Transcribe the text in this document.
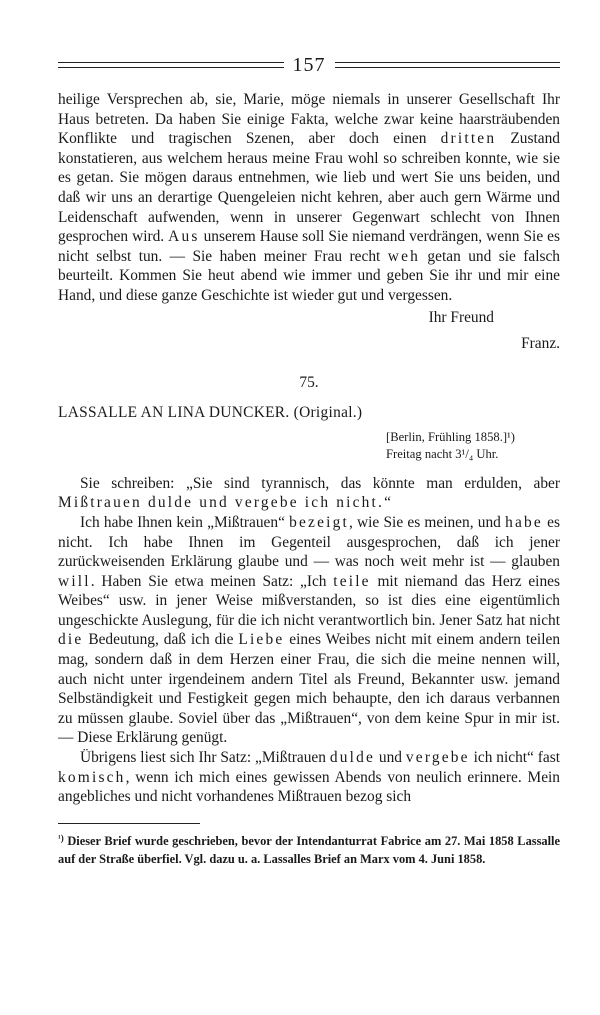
157

heilige Versprechen ab, sie, Marie, möge niemals in unserer Gesellschaft Ihr Haus betreten. Da haben Sie einige Fakta, welche zwar keine haarsträubenden Konflikte und tragischen Szenen, aber doch einen dritten Zustand konstatieren, aus welchem heraus meine Frau wohl so schreiben konnte, wie sie es getan. Sie mögen daraus entnehmen, wie lieb und wert Sie uns beiden, und daß wir uns an derartige Quengeleien nicht kehren, aber auch gern Wärme und Leidenschaft aufwenden, wenn in unserer Gegenwart schlecht von Ihnen gesprochen wird. Aus unserem Hause soll Sie niemand verdrängen, wenn Sie es nicht selbst tun. — Sie haben meiner Frau recht weh getan und sie falsch beurteilt. Kommen Sie heut abend wie immer und geben Sie ihr und mir eine Hand, und diese ganze Geschichte ist wieder gut und vergessen.

Ihr Freund
Franz.
75.
LASSALLE AN LINA DUNCKER. (Original.)
[Berlin, Frühling 1858.]¹)
Freitag nacht 3¹/₄ Uhr.

Sie schreiben: „Sie sind tyrannisch, das könnte man erdulden, aber Mißtrauen dulde und vergebe ich nicht.“

Ich habe Ihnen kein „Mißtrauen“ bezeigt, wie Sie es meinen, und habe es nicht. Ich habe Ihnen im Gegenteil ausgesprochen, daß ich jener zurückweisenden Erklärung glaube und — was noch weit mehr ist — glauben will. Haben Sie etwa meinen Satz: „Ich teile mit niemand das Herz eines Weibes“ usw. in jener Weise mißverstanden, so ist dies eine eigentümlich ungeschickte Auslegung, für die ich nicht verantwortlich bin. Jener Satz hat nicht die Bedeutung, daß ich die Liebe eines Weibes nicht mit einem andern teilen mag, sondern daß in dem Herzen einer Frau, die sich die meine nennen will, auch nicht unter irgendeinem andern Titel als Freund, Bekannter usw. jemand Selbständigkeit und Festigkeit gegen mich behaupte, den ich daraus verbannen zu müssen glaube. Soviel über das „Mißtrauen“, von dem keine Spur in mir ist. — Diese Erklärung genügt.

Übrigens liest sich Ihr Satz: „Mißtrauen dulde und vergebe ich nicht“ fast komisch, wenn ich mich eines gewissen Abends von neulich erinnere. Mein angebliches und nicht vorhandenes Mißtrauen bezog sich

$^{^1)}$ Dieser Brief wurde geschrieben, bevor der Intendanturrat Fabrice am 27. Mai 1858 Lassalle auf der Straße überfiel. Vgl. dazu u. a. Lassalles Brief an Marx vom 4. Juni 1858.
